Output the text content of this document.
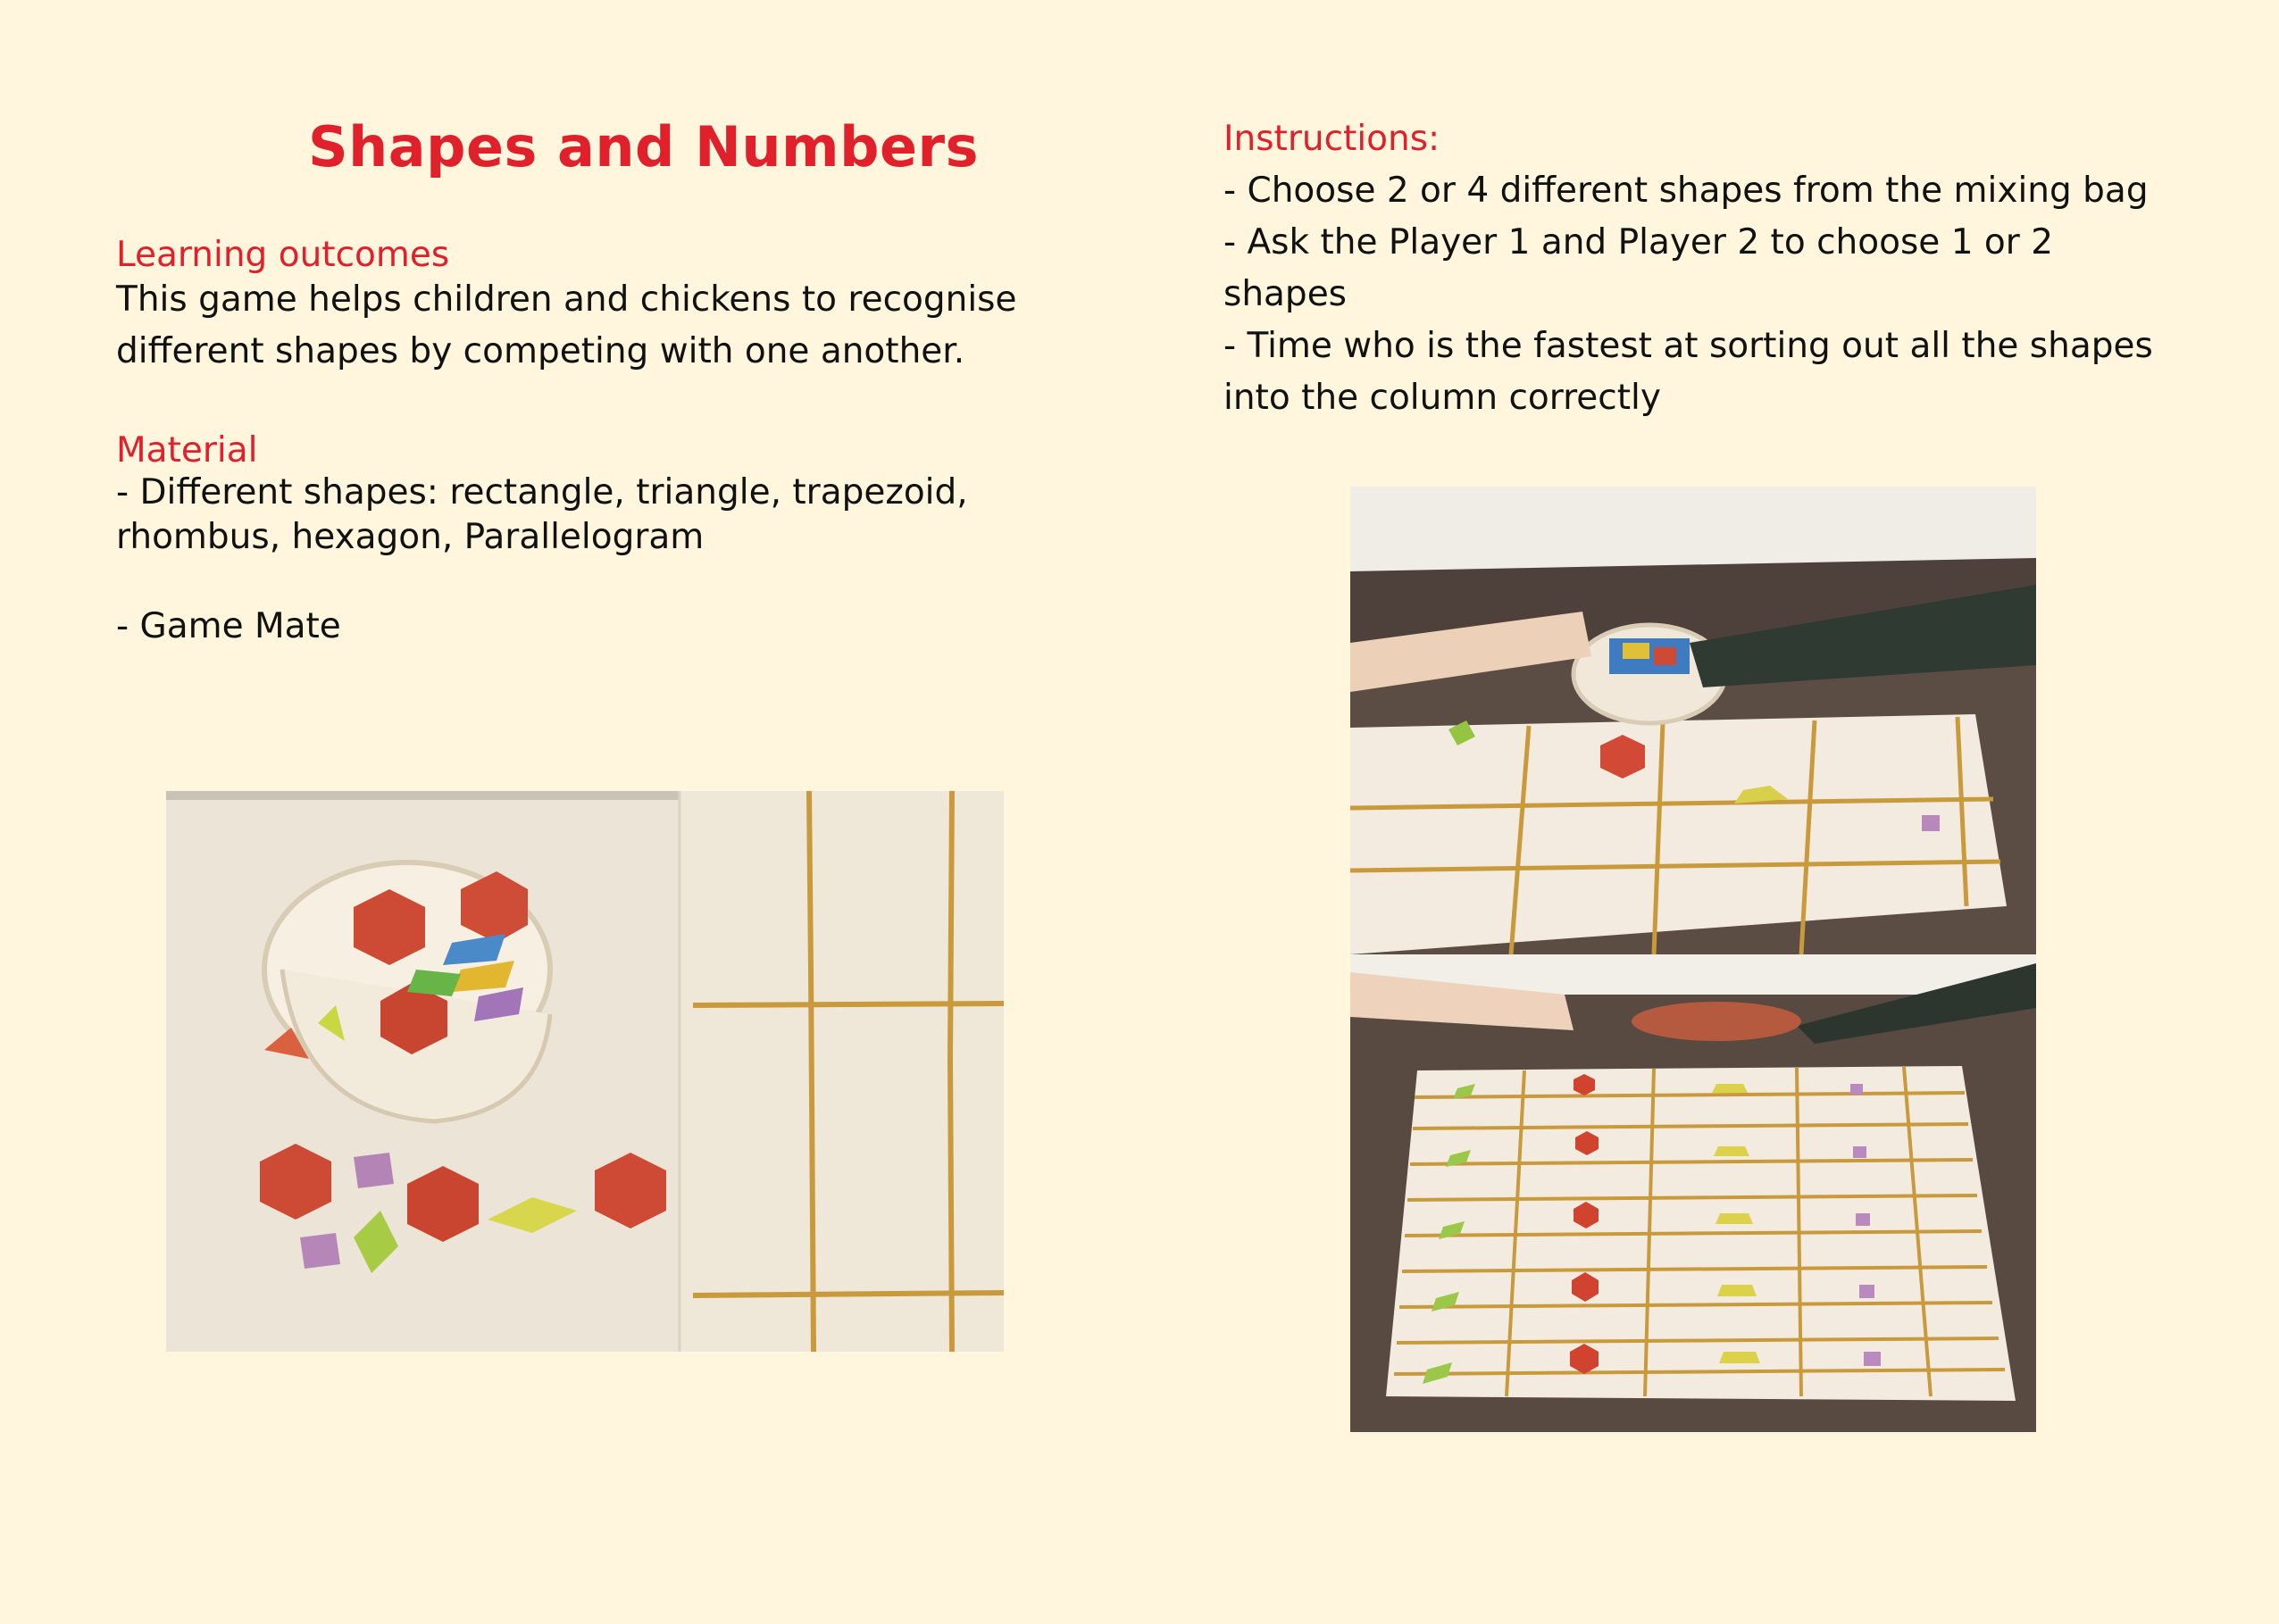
Shapes and Numbers
Learning outcomes
This game helps children and chickens to recognise
different shapes by competing with one another.
Material
- Different shapes: rectangle, triangle, trapezoid,
rhombus, hexagon, Parallelogram
- Game Mate
Instructions:
- Choose 2 or 4 different shapes from the mixing bag
- Ask the Player 1 and Player 2 to choose 1 or 2
shapes
- Time who is the fastest at sorting out all the shapes
into the column correctly
